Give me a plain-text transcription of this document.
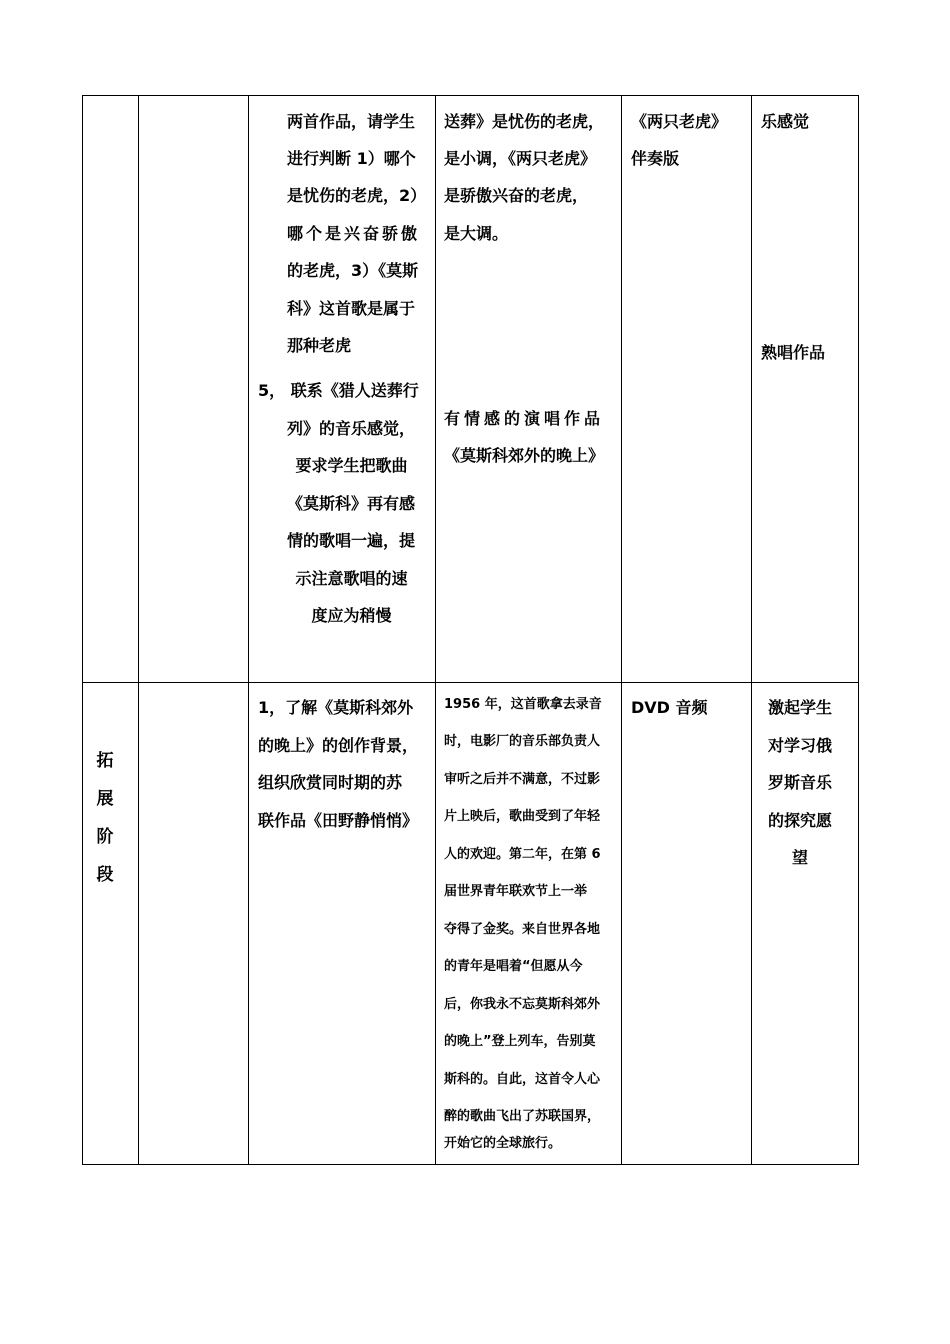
两首作品，请学生
进行判断 1）哪个
是忧伤的老虎，2）
哪个是兴奋骄傲
的老虎，3）《莫斯
科》这首歌是属于
那种老虎
5， 联系《猎人送葬行
列》的音乐感觉，
要求学生把歌曲
《莫斯科》再有感
情的歌唱一遍，提
示注意歌唱的速
度应为稍慢
送葬》是忧伤的老虎，
是小调，《两只老虎》
是骄傲兴奋的老虎，
是大调。
有情感的演唱作品
《莫斯科郊外的晚上》
《两只老虎》
伴奏版
乐感觉
熟唱作品
拓
展
阶
段
1，了解《莫斯科郊外
的晚上》的创作背景，
组织欣赏同时期的苏
联作品《田野静悄悄》
1956 年，这首歌拿去录音
时，电影厂的音乐部负责人
审听之后并不满意，不过影
片上映后，歌曲受到了年轻
人的欢迎。第二年，在第 6
届世界青年联欢节上一举
夺得了金奖。来自世界各地
的青年是唱着“但愿从今
后，你我永不忘莫斯科郊外
的晚上”登上列车，告别莫
斯科的。自此，这首令人心
醉的歌曲飞出了苏联国界，
开始它的全球旅行。
DVD 音频	激起学生
对学习俄
罗斯音乐
的探究愿
望
